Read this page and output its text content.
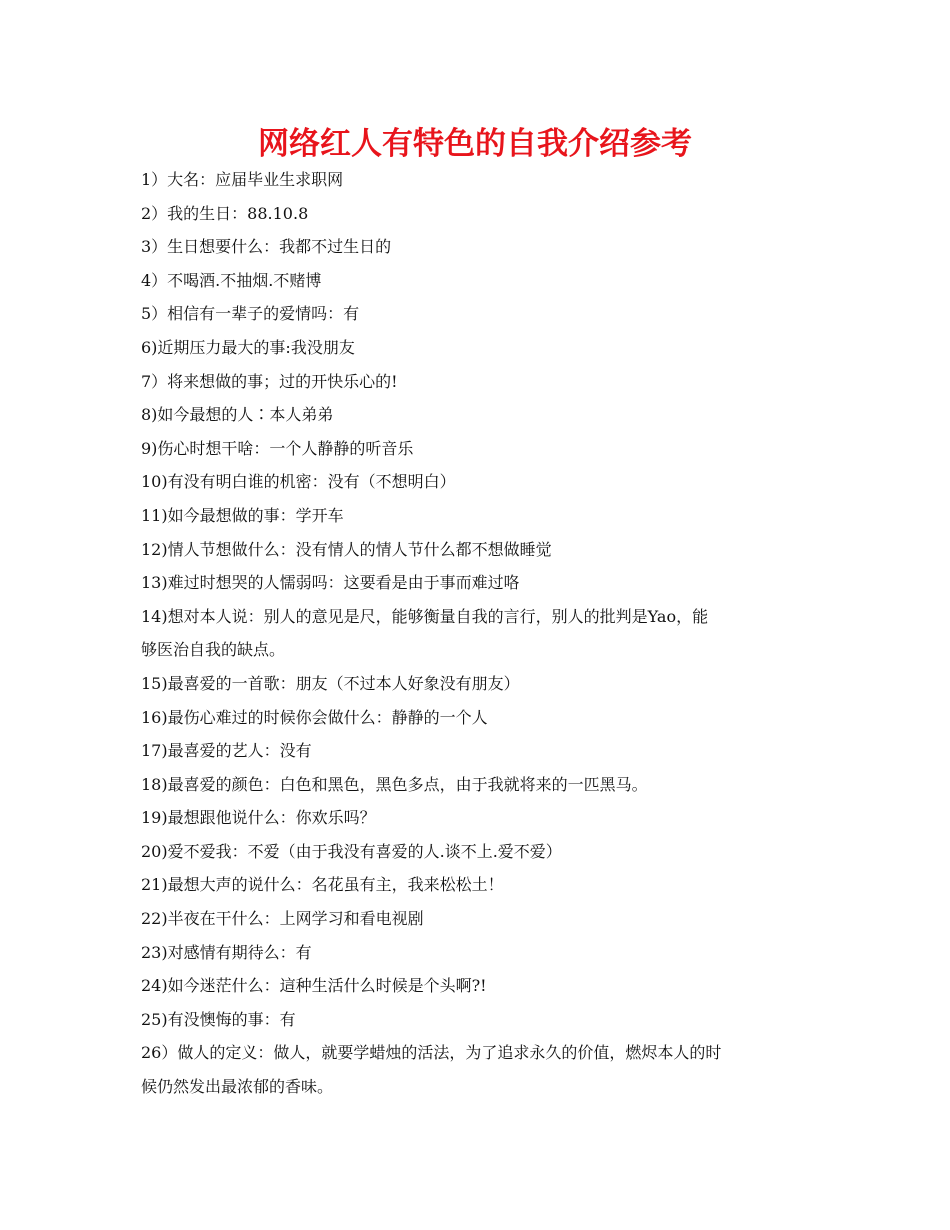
网络红人有特色的自我介绍参考
1）大名：应届毕业生求职网
2）我的生日：88.10.8
3）生日想要什么：我都不过生日的
4）不喝酒.不抽烟.不赌博
5）相信有一辈子的爱情吗：有
6)近期压力最大的事:我没朋友
7）将来想做的事；过的开快乐心的!
8)如今最想的人∶本人弟弟
9)伤心时想干啥：一个人静静的听音乐
10)有没有明白谁的机密：没有（不想明白）
11)如今最想做的事：学开车
12)情人节想做什么：没有情人的情人节什么都不想做睡觉
13)难过时想哭的人懦弱吗：这要看是由于事而难过咯
14)想对本人说：别人的意见是尺，能够衡量自我的言行，别人的批判是Yao，能
够医治自我的缺点。
15)最喜爱的一首歌：朋友（不过本人好象没有朋友）
16)最伤心难过的时候你会做什么：静静的一个人
17)最喜爱的艺人：没有
18)最喜爱的颜色：白色和黑色，黑色多点，由于我就将来的一匹黑马。
19)最想跟他说什么：你欢乐吗？
20)爱不爱我：不爱（由于我没有喜爱的人.谈不上.爱不爱）
21)最想大声的说什么：名花虽有主，我来松松土！
22)半夜在干什么：上网学习和看电视剧
23)对感情有期待么：有
24)如今迷茫什么：這种生活什么时候是个头啊?!
25)有没懊悔的事：有
26）做人的定义：做人，就要学蜡烛的活法，为了追求永久的价值，燃烬本人的时
候仍然发出最浓郁的香味。
